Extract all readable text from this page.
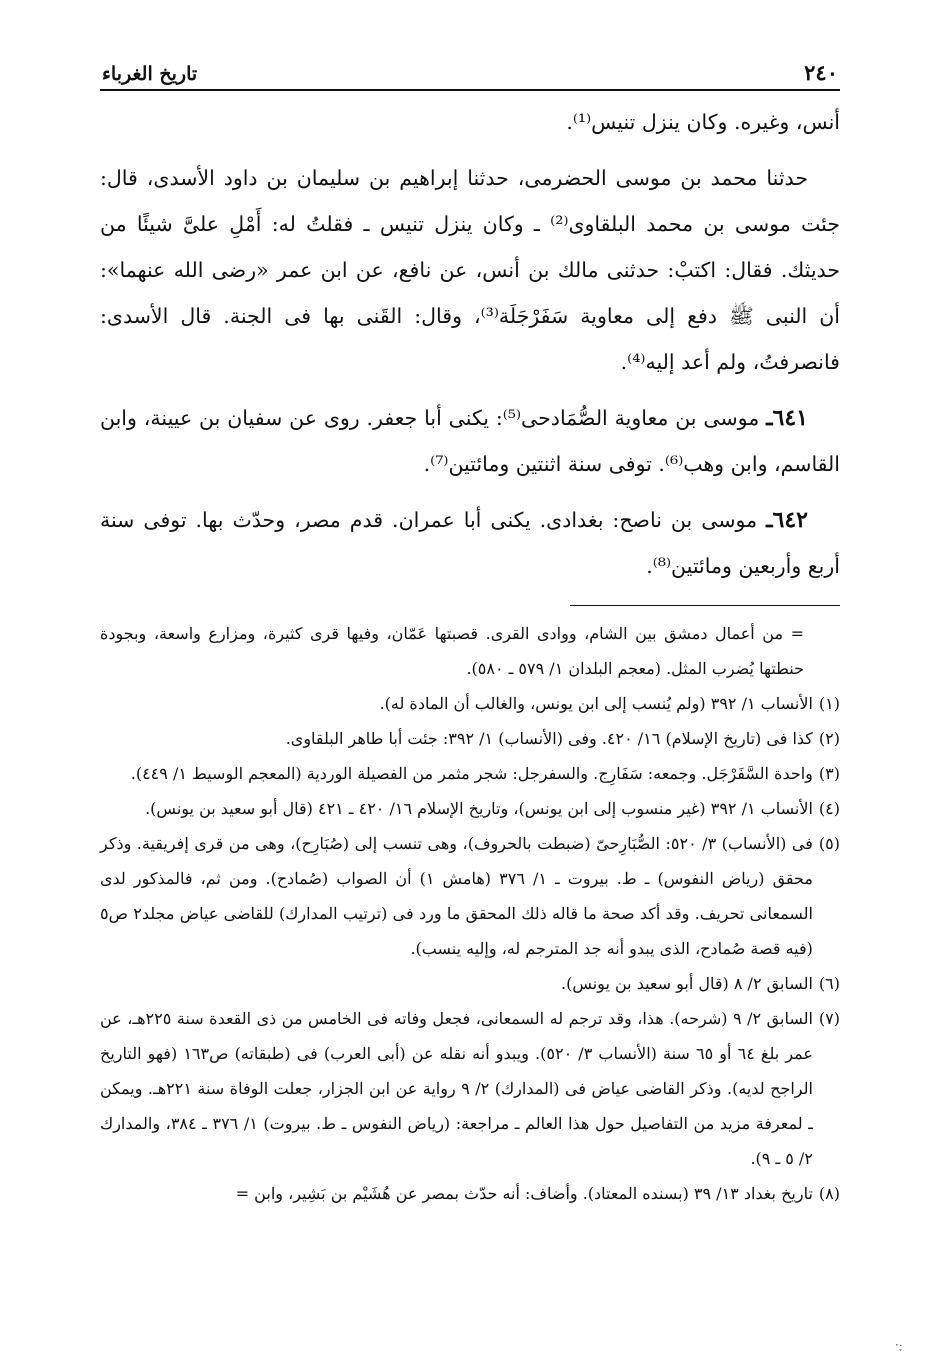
٢٤٠
تاريخ الغرباء

أنس، وغيره. وكان ينزل تنيس⁽¹⁾.

حدثنا محمد بن موسى الحضرمى، حدثنا إبراهيم بن سليمان بن داود الأسدى، قال: جئت موسى بن محمد البلقاوى⁽²⁾ ـ وكان ينزل تنيس ـ فقلتُ له: أَمْلِ علىَّ شيئًا من حديثك. فقال: اكتبْ: حدثنى مالك بن أنس، عن نافع، عن ابن عمر «رضى الله عنهما»: أن النبى ﷺ دفع إلى معاوية سَفَرْجَلَة⁽³⁾، وقال: القَنى بها فى الجنة. قال الأسدى: فانصرفتُ، ولم أعد إليه⁽⁴⁾.

٦٤١ـ موسى بن معاوية الصُّمَادحى⁽⁵⁾: يكنى أبا جعفر. روى عن سفيان بن عيينة، وابن القاسم، وابن وهب⁽⁶⁾. توفى سنة اثنتين ومائتين⁽⁷⁾.

٦٤٢ـ موسى بن ناصح: بغدادى. يكنى أبا عمران. قدم مصر، وحدّث بها. توفى سنة أربع وأربعين ومائتين⁽⁸⁾.

= من أعمال دمشق بين الشام، ووادى القرى. قصبتها عَمّان، وفيها قرى كثيرة، ومزارع واسعة، وبجودة حنطتها يُضرب المثل. (معجم البلدان ١/ ٥٧٩ ـ ٥٨٠).
(١)
الأنساب ١/ ٣٩٢ (ولم يُنسب إلى ابن يونس، والغالب أن المادة له).
(٢)
كذا فى (تاريخ الإسلام) ١٦/ ٤٢٠. وفى (الأنساب) ١/ ٣٩٢: جئت أبا طاهر البلقاوى.
(٣)
واحدة السَّفَرْجَل. وجمعه: سَفَارِج. والسفرجل: شجر مثمر من الفصيلة الوردية (المعجم الوسيط ١/ ٤٤٩).
(٤)
الأنساب ١/ ٣٩٢ (غير منسوب إلى ابن يونس)، وتاريخ الإسلام ١٦/ ٤٢٠ ـ ٤٢١ (قال أبو سعيد بن يونس).
(٥)
فى (الأنساب) ٣/ ٥٢٠: الصُّبَارِحىّ (ضبطت بالحروف)، وهى تنسب إلى (صُبَارِح)، وهى من قرى إفريقية. وذكر محقق (رياض النفوس) ـ ط. بيروت ـ ١/ ٣٧٦ (هامش ١) أن الصواب (صُمادح). ومن ثم، فالمذكور لدى السمعانى تحريف. وقد أكد صحة ما قاله ذلك المحقق ما ورد فى (ترتيب المدارك) للقاضى عياض مجلد٢ ص٥ (فيه قصة صُمادح، الذى يبدو أنه جد المترجم له، وإليه ينسب).
(٦)
السابق ٢/ ٨ (قال أبو سعيد بن يونس).
(٧)
السابق ٢/ ٩ (شرحه). هذا، وقد ترجم له السمعانى، فجعل وفاته فى الخامس من ذى القعدة سنة ٢٢٥هـ، عن عمر بلغ ٦٤ أو ٦٥ سنة (الأنساب ٣/ ٥٢٠). ويبدو أنه نقله عن (أبى العرب) فى (طبقاته) ص١٦٣ (فهو التاريخ الراجح لديه). وذكر القاضى عياض فى (المدارك) ٢/ ٩ رواية عن ابن الجزار، جعلت الوفاة سنة ٢٢١هـ. ويمكن ـ لمعرفة مزيد من التفاصيل حول هذا العالم ـ مراجعة: (رياض النفوس ـ ط. بيروت) ١/ ٣٧٦ ـ ٣٨٤، والمدارك ٢/ ٥ ـ ٩).
(٨)
تاريخ بغداد ١٣/ ٣٩ (بسنده المعتاد). وأضاف: أنه حدّث بمصر عن هُشَيْم بن بَشِير، وابن =
·ׇ·
